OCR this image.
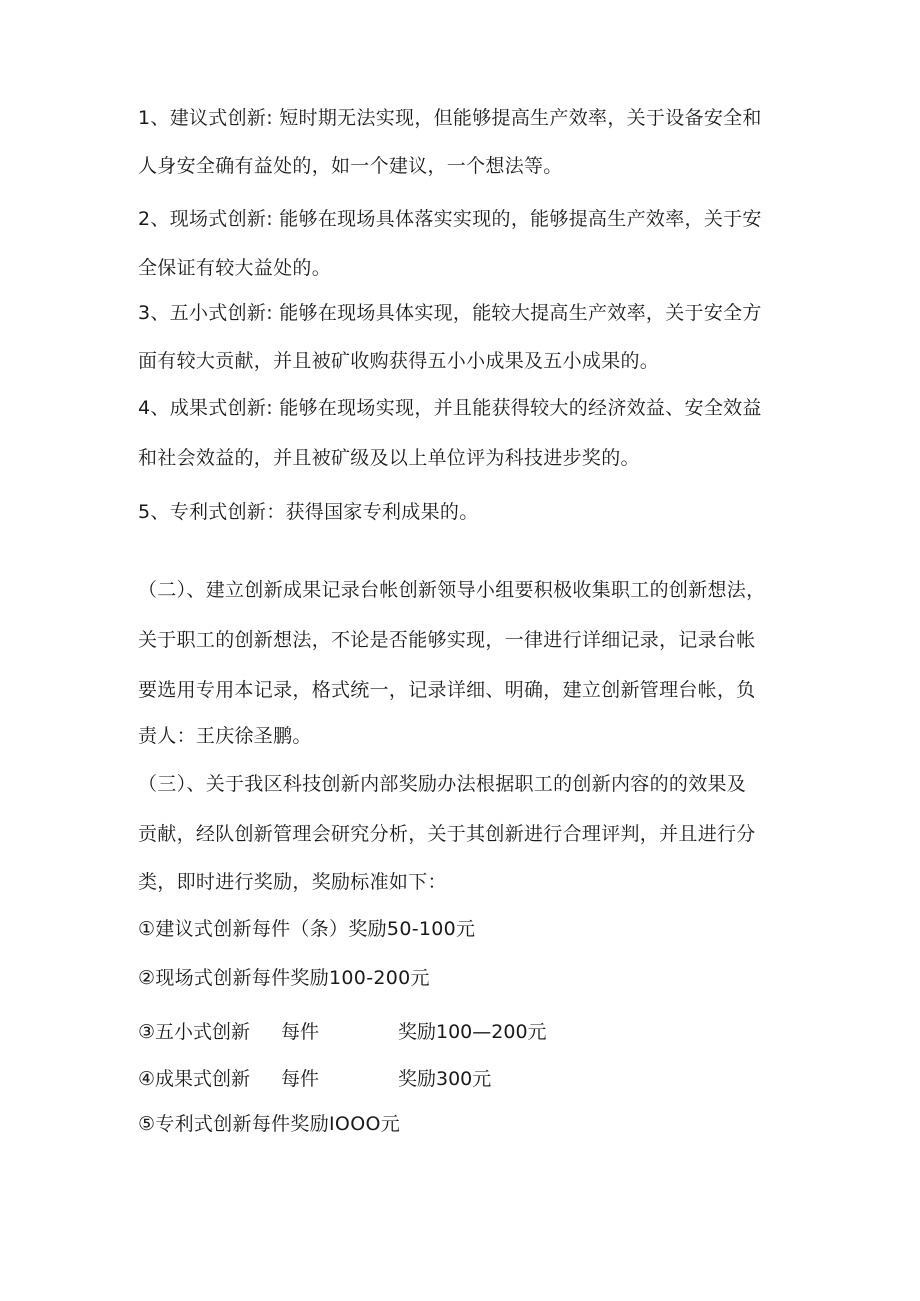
1、建议式创新: 短时期无法实现，但能够提高生产效率，关于设备安全和
人身安全确有益处的，如一个建议，一个想法等。
2、现场式创新: 能够在现场具体落实实现的，能够提高生产效率，关于安
全保证有较大益处的。
3、五小式创新: 能够在现场具体实现，能较大提高生产效率，关于安全方
面有较大贡献，并且被矿收购获得五小小成果及五小成果的。
4、成果式创新: 能够在现场实现，并且能获得较大的经济效益、安全效益
和社会效益的，并且被矿级及以上单位评为科技进步奖的。
5、专利式创新：获得国家专利成果的。
（二）、建立创新成果记录台帐创新领导小组要积极收集职工的创新想法，
关于职工的创新想法，不论是否能够实现，一律进行详细记录，记录台帐
要选用专用本记录，格式统一，记录详细、明确，建立创新管理台帐，负
责人：王庆徐圣鹏。
（三）、关于我区科技创新内部奖励办法根据职工的创新内容的的效果及
贡献，经队创新管理会研究分析，关于其创新进行合理评判，并且进行分
类，即时进行奖励，奖励标准如下：
①建议式创新每件（条）奖励50-100元
②现场式创新每件奖励100-200元
③五小式创新 每件	奖励100—200元
④成果式创新 每件	奖励300元
⑤专利式创新每件奖励IOOO元
